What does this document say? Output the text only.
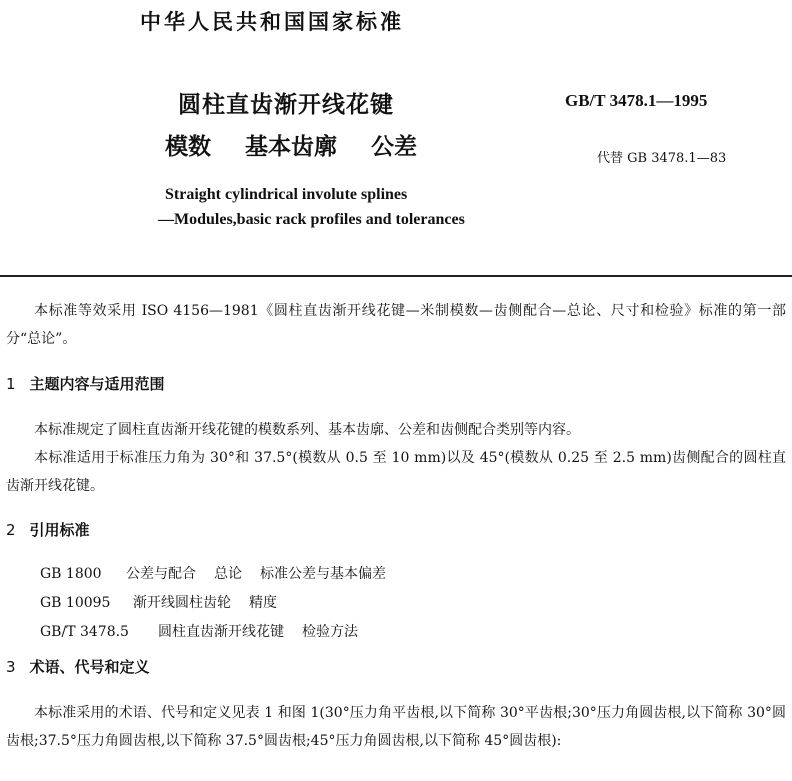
中华人民共和国国家标准
圆柱直齿渐开线花键
模数 基本齿廓 公差
GB/T 3478.1—1995
代替 GB 3478.1—83
Straight cylindrical involute splines
—Modules,basic rack profiles and tolerances

本标准等效采用 ISO 4156—1981《圆柱直齿渐开线花键—米制模数—齿侧配合—总论、尺寸和检验》标准的第一部分“总论”。

1 主题内容与适用范围

本标准规定了圆柱直齿渐开线花键的模数系列、基本齿廓、公差和齿侧配合类别等内容。

本标准适用于标准压力角为 30°和 37.5°(模数从 0.5 至 10 mm)以及 45°(模数从 0.25 至 2.5 mm)齿侧配合的圆柱直齿渐开线花键。

2 引用标准
GB 1800 公差与配合 总论 标准公差与基本偏差
GB 10095 渐开线圆柱齿轮 精度
GB/T 3478.5 圆柱直齿渐开线花键 检验方法
3 术语、代号和定义

本标准采用的术语、代号和定义见表 1 和图 1(30°压力角平齿根,以下简称 30°平齿根;30°压力角圆齿根,以下简称 30°圆齿根;37.5°压力角圆齿根,以下简称 37.5°圆齿根;45°压力角圆齿根,以下简称 45°圆齿根):
